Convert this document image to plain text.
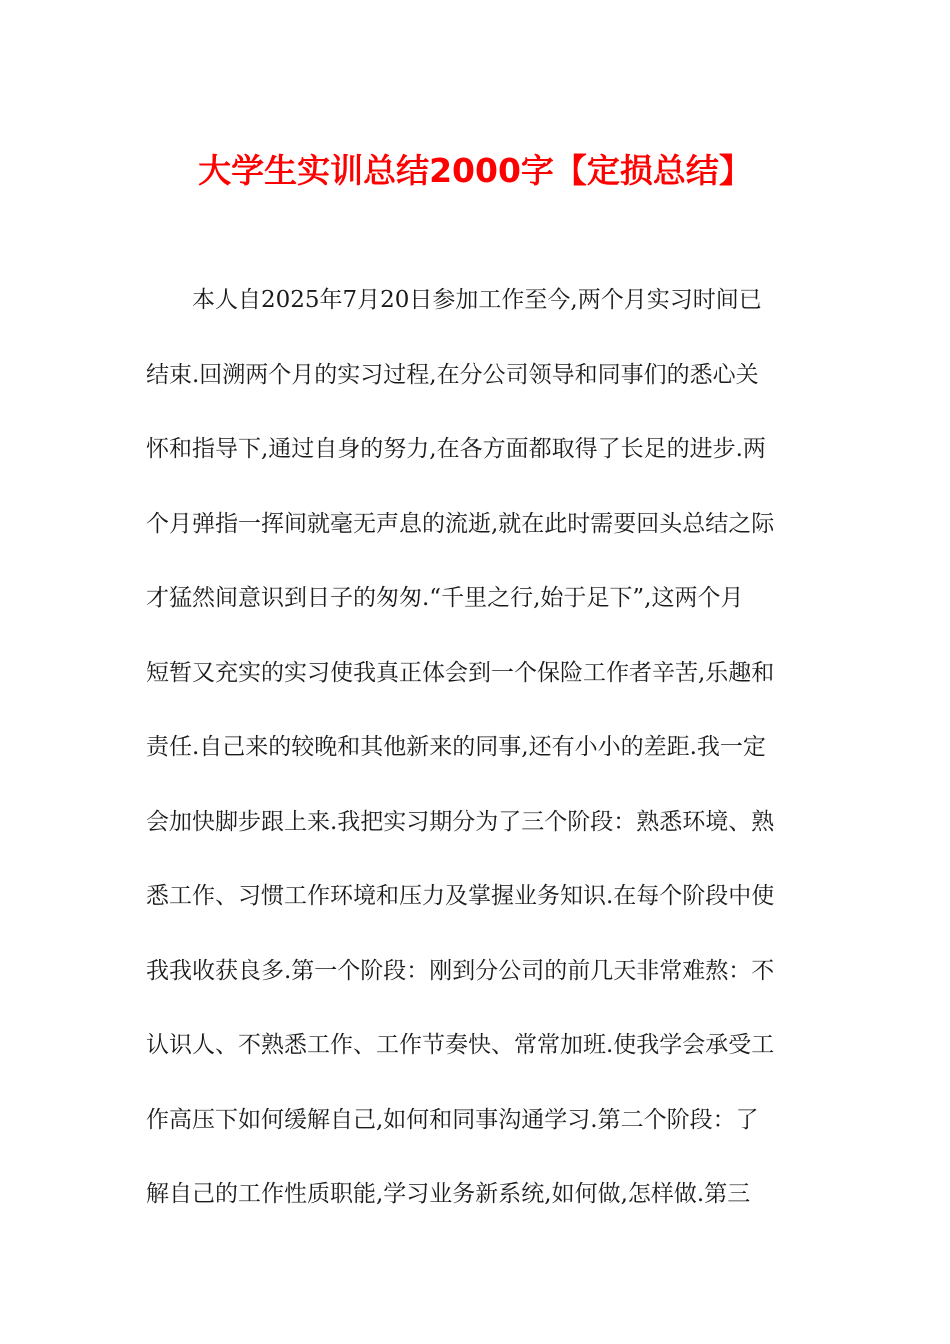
大学生实训总结2000字【定损总结】
本人自2025年7月20日参加工作至今,两个月实习时间已
结束.回溯两个月的实习过程,在分公司领导和同事们的悉心关
怀和指导下,通过自身的努力,在各方面都取得了长足的进步.两
个月弹指一挥间就毫无声息的流逝,就在此时需要回头总结之际
才猛然间意识到日子的匆匆.“千里之行,始于足下”,这两个月
短暂又充实的实习使我真正体会到一个保险工作者辛苦,乐趣和
责任.自己来的较晚和其他新来的同事,还有小小的差距.我一定
会加快脚步跟上来.我把实习期分为了三个阶段：熟悉环境、熟
悉工作、习惯工作环境和压力及掌握业务知识.在每个阶段中使
我我收获良多.第一个阶段：刚到分公司的前几天非常难熬：不
认识人、不熟悉工作、工作节奏快、常常加班.使我学会承受工
作高压下如何缓解自己,如何和同事沟通学习.第二个阶段：了
解自己的工作性质职能,学习业务新系统,如何做,怎样做.第三
